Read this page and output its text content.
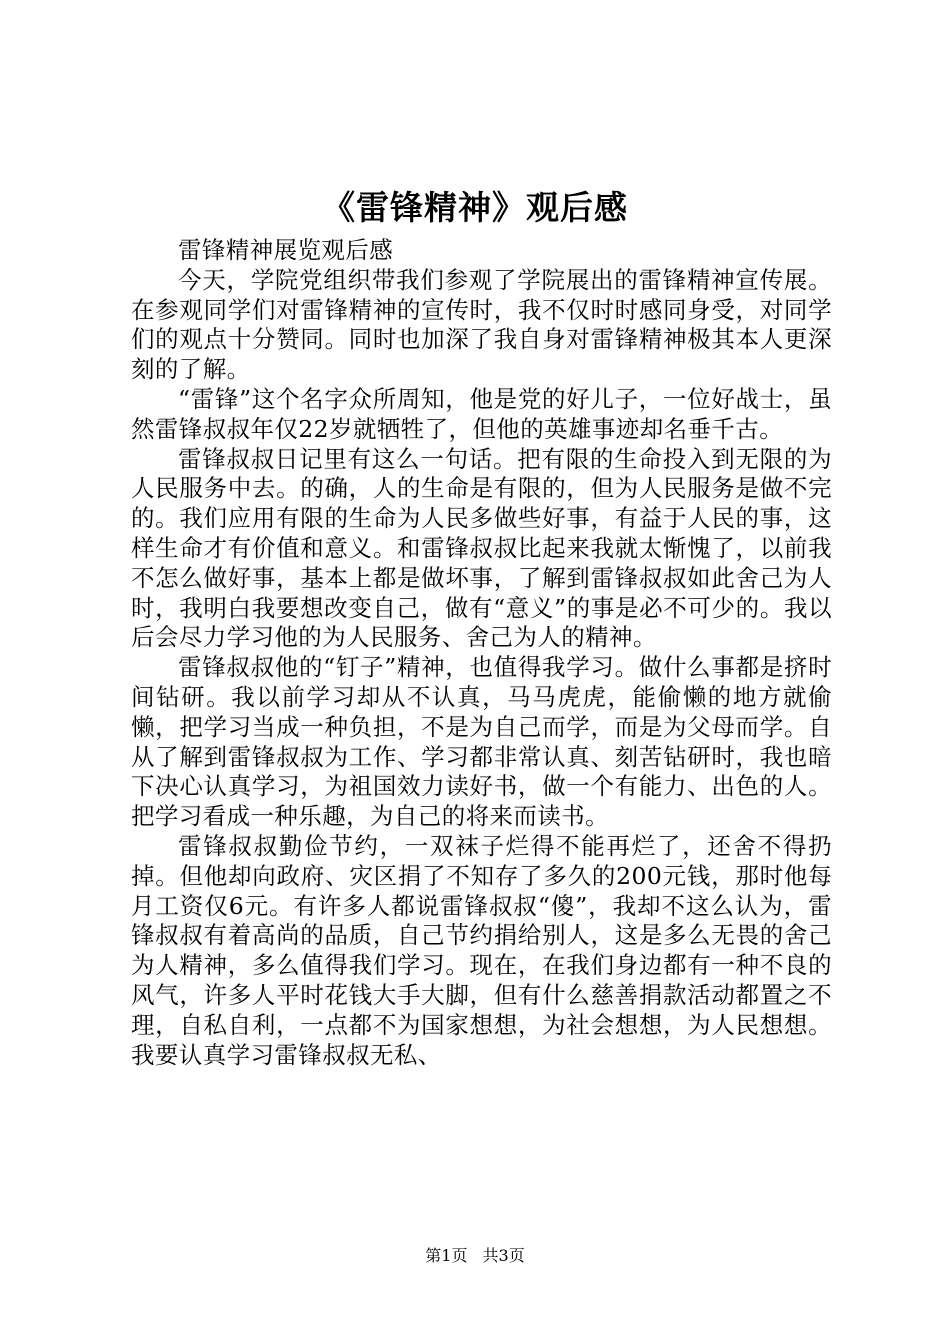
《雷锋精神》观后感

雷锋精神展览观后感

今天，学院党组织带我们参观了学院展出的雷锋精神宣传展。在参观同学们对雷锋精神的宣传时，我不仅时时感同身受，对同学们的观点十分赞同。同时也加深了我自身对雷锋精神极其本人更深刻的了解。

“雷锋”这个名字众所周知，他是党的好儿子，一位好战士，虽然雷锋叔叔年仅22岁就牺牲了，但他的英雄事迹却名垂千古。

雷锋叔叔日记里有这么一句话。把有限的生命投入到无限的为人民服务中去。的确，人的生命是有限的，但为人民服务是做不完的。我们应用有限的生命为人民多做些好事，有益于人民的事，这样生命才有价值和意义。和雷锋叔叔比起来我就太惭愧了，以前我不怎么做好事，基本上都是做坏事，了解到雷锋叔叔如此舍己为人时，我明白我要想改变自己，做有“意义”的事是必不可少的。我以后会尽力学习他的为人民服务、舍己为人的精神。

雷锋叔叔他的“钉子”精神，也值得我学习。做什么事都是挤时间钻研。我以前学习却从不认真，马马虎虎，能偷懒的地方就偷懒，把学习当成一种负担，不是为自己而学，而是为父母而学。自从了解到雷锋叔叔为工作、学习都非常认真、刻苦钻研时，我也暗下决心认真学习，为祖国效力读好书，做一个有能力、出色的人。把学习看成一种乐趣，为自己的将来而读书。

雷锋叔叔勤俭节约，一双袜子烂得不能再烂了，还舍不得扔掉。但他却向政府、灾区捐了不知存了多久的200元钱，那时他每月工资仅6元。有许多人都说雷锋叔叔“傻”，我却不这么认为，雷锋叔叔有着高尚的品质，自己节约捐给别人，这是多么无畏的舍己为人精神，多么值得我们学习。现在，在我们身边都有一种不良的风气，许多人平时花钱大手大脚，但有什么慈善捐款活动都置之不理，自私自利，一点都不为国家想想，为社会想想，为人民想想。我要认真学习雷锋叔叔无私、

第1页 共3页
